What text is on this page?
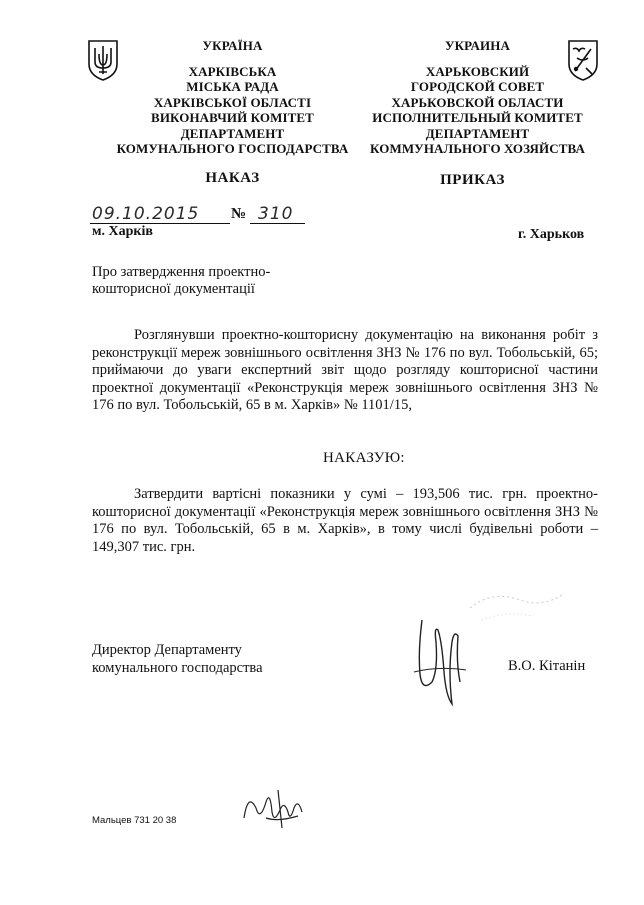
УКРАЇНА
ХАРКІВСЬКА
МІСЬКА РАДА
ХАРКІВСЬКОЇ ОБЛАСТІ
ВИКОНАВЧИЙ КОМІТЕТ
ДЕПАРТАМЕНТ
КОМУНАЛЬНОГО ГОСПОДАРСТВА
УКРАИНА
ХАРЬКОВСКИЙ
ГОРОДСКОЙ СОВЕТ
ХАРЬКОВСКОЙ ОБЛАСТИ
ИСПОЛНИТЕЛЬНЫЙ КОМИТЕТ
ДЕПАРТАМЕНТ
КОММУНАЛЬНОГО ХОЗЯЙСТВА
НАКАЗ	ПРИКАЗ
09.10.2015 № 310
м. Харків	г. Харьков
Про затвердження проектно-
кошторисної документації
Розглянувши проектно-кошторисну документацію на виконання робіт з реконструкції мереж зовнішнього освітлення ЗНЗ № 176 по вул. Тобольській, 65; приймаючи до уваги експертний звіт щодо розгляду кошторисної частини проектної документації «Реконструкція мереж зовнішнього освітлення ЗНЗ № 176 по вул. Тобольській, 65 в м. Харків» № 1101/15,
НАКАЗУЮ:
Затвердити вартісні показники у сумі – 193,506 тис. грн. проектно-кошторисної документації «Реконструкція мереж зовнішнього освітлення ЗНЗ № 176 по вул. Тобольській, 65 в м. Харків», в тому числі будівельні роботи – 149,307 тис. грн.
Директор Департаменту
комунального господарства	В.О. Кітанін
Мальцев 731 20 38
